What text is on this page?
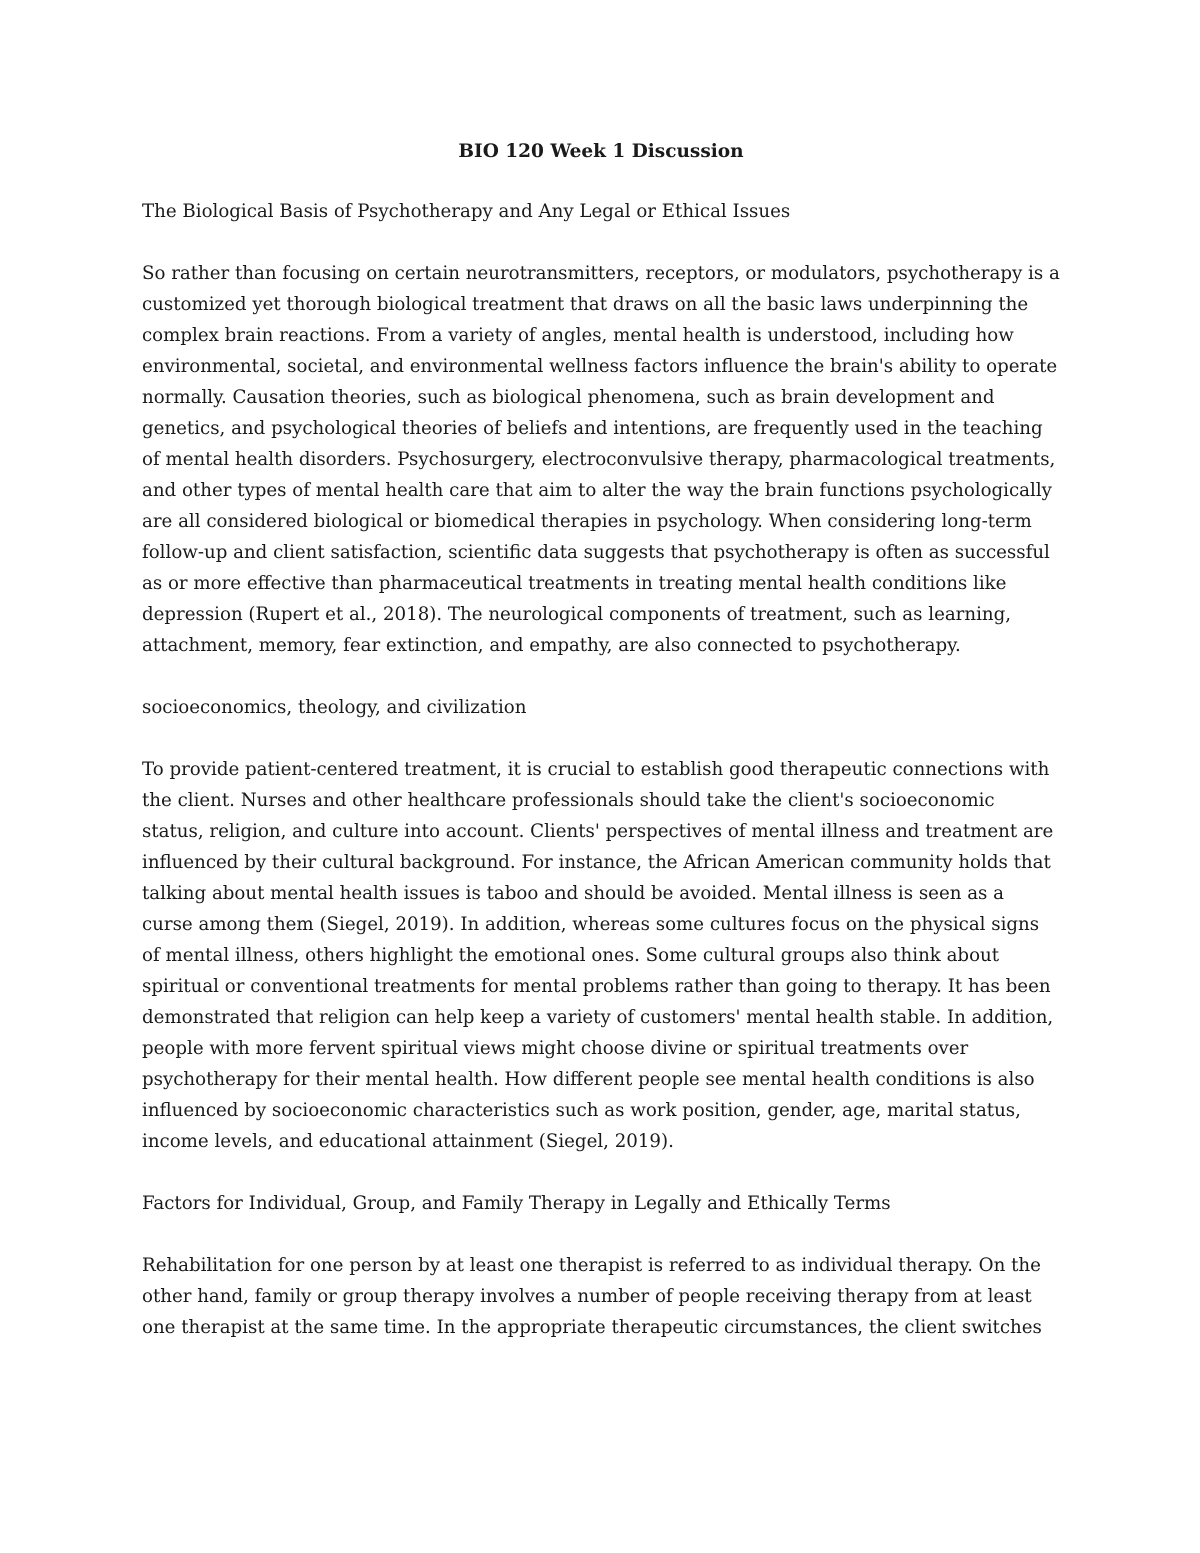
BIO 120 Week 1 Discussion
The Biological Basis of Psychotherapy and Any Legal or Ethical Issues
So rather than focusing on certain neurotransmitters, receptors, or modulators, psychotherapy is a customized yet thorough biological treatment that draws on all the basic laws underpinning the complex brain reactions. From a variety of angles, mental health is understood, including how environmental, societal, and environmental wellness factors influence the brain's ability to operate normally. Causation theories, such as biological phenomena, such as brain development and genetics, and psychological theories of beliefs and intentions, are frequently used in the teaching of mental health disorders. Psychosurgery, electroconvulsive therapy, pharmacological treatments, and other types of mental health care that aim to alter the way the brain functions psychologically are all considered biological or biomedical therapies in psychology. When considering long-term follow-up and client satisfaction, scientific data suggests that psychotherapy is often as successful as or more effective than pharmaceutical treatments in treating mental health conditions like depression (Rupert et al., 2018). The neurological components of treatment, such as learning, attachment, memory, fear extinction, and empathy, are also connected to psychotherapy.
socioeconomics, theology, and civilization
To provide patient-centered treatment, it is crucial to establish good therapeutic connections with the client. Nurses and other healthcare professionals should take the client's socioeconomic status, religion, and culture into account. Clients' perspectives of mental illness and treatment are influenced by their cultural background. For instance, the African American community holds that talking about mental health issues is taboo and should be avoided. Mental illness is seen as a curse among them (Siegel, 2019). In addition, whereas some cultures focus on the physical signs of mental illness, others highlight the emotional ones. Some cultural groups also think about spiritual or conventional treatments for mental problems rather than going to therapy. It has been demonstrated that religion can help keep a variety of customers' mental health stable. In addition, people with more fervent spiritual views might choose divine or spiritual treatments over psychotherapy for their mental health. How different people see mental health conditions is also influenced by socioeconomic characteristics such as work position, gender, age, marital status, income levels, and educational attainment (Siegel, 2019).
Factors for Individual, Group, and Family Therapy in Legally and Ethically Terms
Rehabilitation for one person by at least one therapist is referred to as individual therapy. On the other hand, family or group therapy involves a number of people receiving therapy from at least one therapist at the same time. In the appropriate therapeutic circumstances, the client switches
